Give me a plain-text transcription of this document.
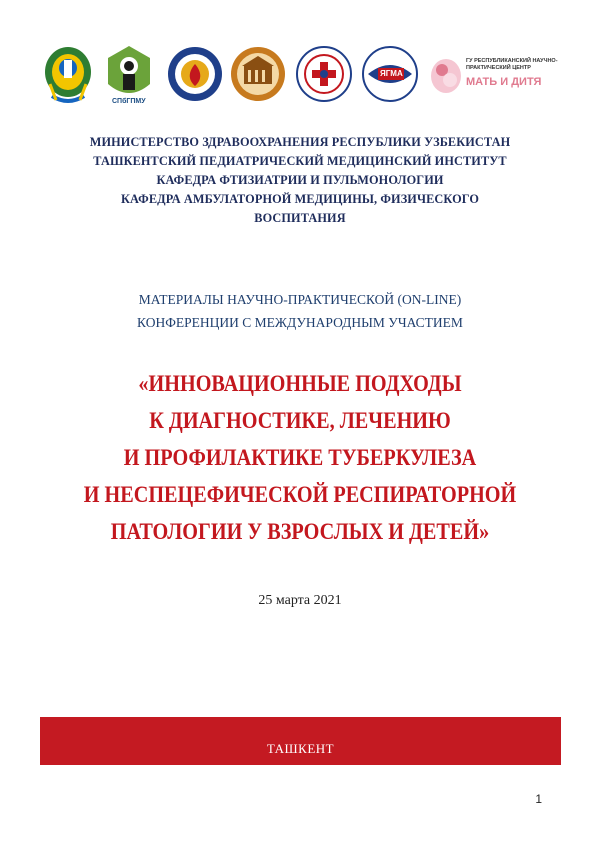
СПбГПМУ
ЯГМА
ГУ РЕСПУБЛИКАНСКИЙ НАУЧНО-
ПРАКТИЧЕСКИЙ ЦЕНТР
МАТЬ И ДИТЯ
МИНИСТЕРСТВО ЗДРАВООХРАНЕНИЯ РЕСПУБЛИКИ УЗБЕКИСТАН
ТАШКЕНТСКИЙ ПЕДИАТРИЧЕСКИЙ МЕДИЦИНСКИЙ ИНСТИТУТ
КАФЕДРА ФТИЗИАТРИИ И ПУЛЬМОНОЛОГИИ
КАФЕДРА АМБУЛАТОРНОЙ МЕДИЦИНЫ, ФИЗИЧЕСКОГО
ВОСПИТАНИЯ
МАТЕРИАЛЫ НАУЧНО-ПРАКТИЧЕСКОЙ (ON-LINE)
КОНФЕРЕНЦИИ С МЕЖДУНАРОДНЫМ УЧАСТИЕМ
«ИННОВАЦИОННЫЕ ПОДХОДЫ
К ДИАГНОСТИКЕ, ЛЕЧЕНИЮ
И ПРОФИЛАКТИКЕ ТУБЕРКУЛЕЗА
И НЕСПЕЦЕФИЧЕСКОЙ РЕСПИРАТОРНОЙ
ПАТОЛОГИИ У ВЗРОСЛЫХ И ДЕТЕЙ»
25 марта 2021
ТАШКЕНТ
1
